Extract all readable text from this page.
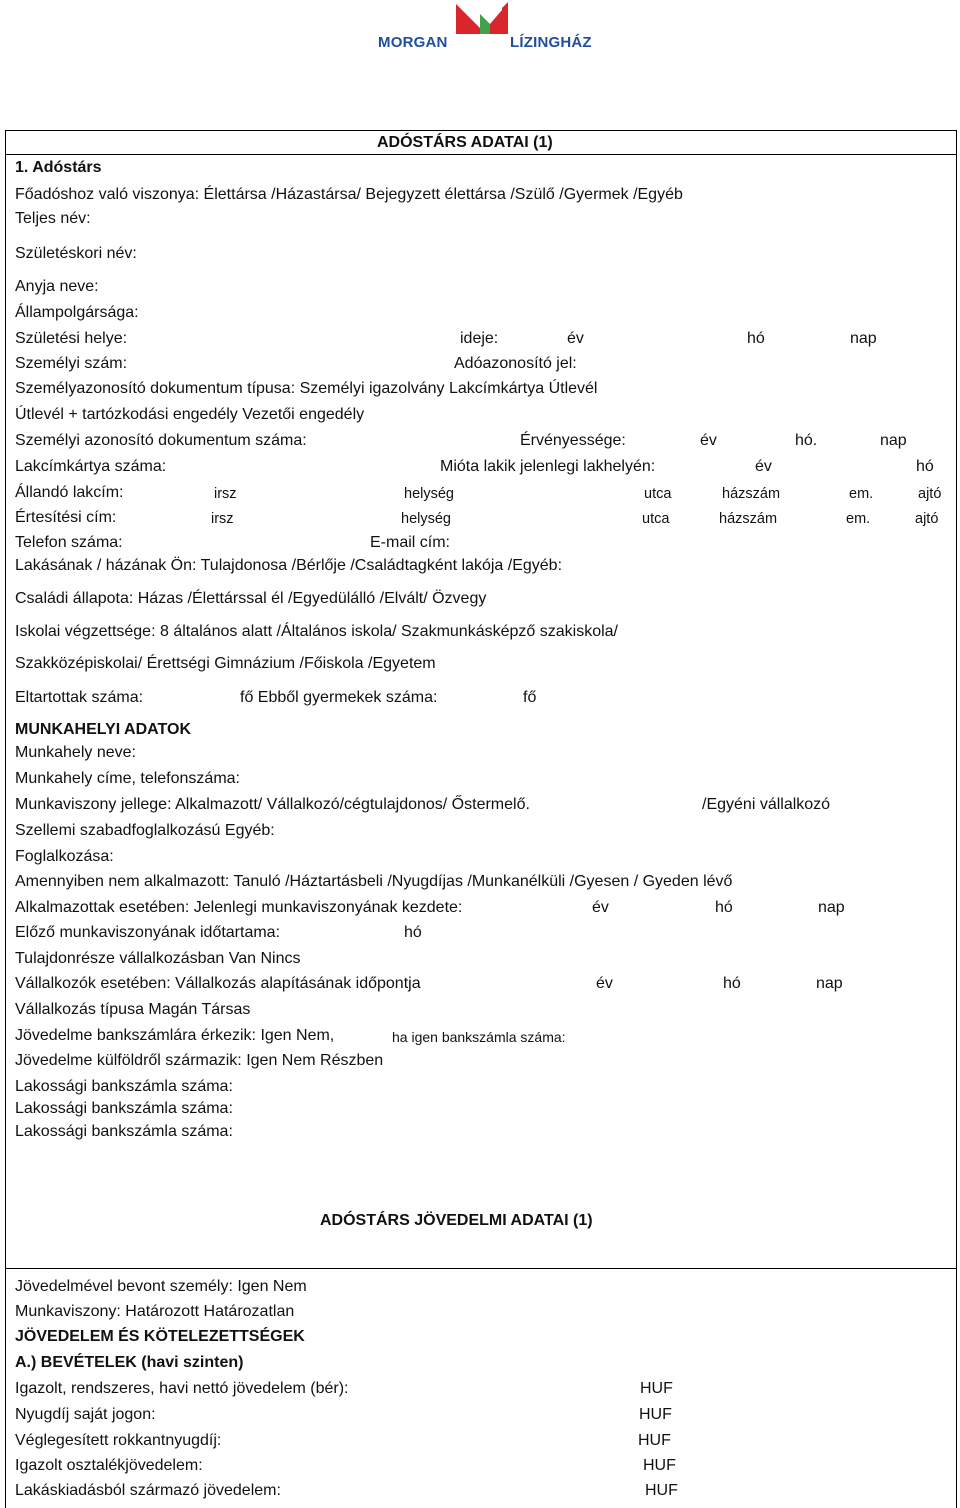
MORGAN	LÍZINGHÁZ
ADÓSTÁRS ADATAI (1)
1. Adóstárs
Főadóshoz való viszonya: Élettársa /Házastársa/ Bejegyzett élettársa /Szülő /Gyermek /Egyéb
Teljes név:
Születéskori név:
Anyja neve:
Állampolgársága:
Születési helye:	ideje:	év	hó	nap
Személyi szám:	Adóazonosító jel:
Személyazonosító dokumentum típusa: Személyi igazolvány Lakcímkártya Útlevél
Útlevél + tartózkodási engedély Vezetői engedély
Személyi azonosító dokumentum száma:	Érvényessége:	év	hó.	nap
Lakcímkártya száma:	Mióta lakik jelenlegi lakhelyén:	év	hó
Állandó lakcím:	irsz	helység	utca	házszám	em.	ajtó
Értesítési cím:	irsz	helység	utca	házszám	em.	ajtó
Telefon száma:	E-mail cím:
Lakásának / házának Ön: Tulajdonosa /Bérlője /Családtagként lakója /Egyéb:
Családi állapota: Házas /Élettárssal él /Egyedülálló /Elvált/ Özvegy
Iskolai végzettsége: 8 általános alatt /Általános iskola/ Szakmunkásképző szakiskola/
Szakközépiskolai/ Érettségi Gimnázium /Főiskola /Egyetem
Eltartottak száma:	fő Ebből gyermekek száma:	fő
MUNKAHELYI ADATOK
Munkahely neve:
Munkahely címe, telefonszáma:
Munkaviszony jellege: Alkalmazott/ Vállalkozó/cégtulajdonos/ Őstermelő.	/Egyéni vállalkozó
Szellemi szabadfoglalkozású Egyéb:
Foglalkozása:
Amennyiben nem alkalmazott: Tanuló /Háztartásbeli /Nyugdíjas /Munkanélküli /Gyesen / Gyeden lévő
Alkalmazottak esetében: Jelenlegi munkaviszonyának kezdete:	év	hó	nap
Előző munkaviszonyának időtartama:	hó
Tulajdonrésze vállalkozásban Van Nincs
Vállalkozók esetében: Vállalkozás alapításának időpontja	év	hó	nap
Vállalkozás típusa Magán Társas
Jövedelme bankszámlára érkezik: Igen Nem,	ha igen bankszámla száma:
Jövedelme külföldről származik: Igen Nem Részben
Lakossági bankszámla száma:
Lakossági bankszámla száma:
Lakossági bankszámla száma:
ADÓSTÁRS JÖVEDELMI ADATAI (1)
Jövedelmével bevont személy: Igen Nem
Munkaviszony: Határozott Határozatlan
JÖVEDELEM ÉS KÖTELEZETTSÉGEK
A.) BEVÉTELEK (havi szinten)
Igazolt, rendszeres, havi nettó jövedelem (bér):	HUF
Nyugdíj saját jogon:	HUF
Véglegesített rokkantnyugdíj:	HUF
Igazolt osztalékjövedelem:	HUF
Lakáskiadásból származó jövedelem:	HUF
